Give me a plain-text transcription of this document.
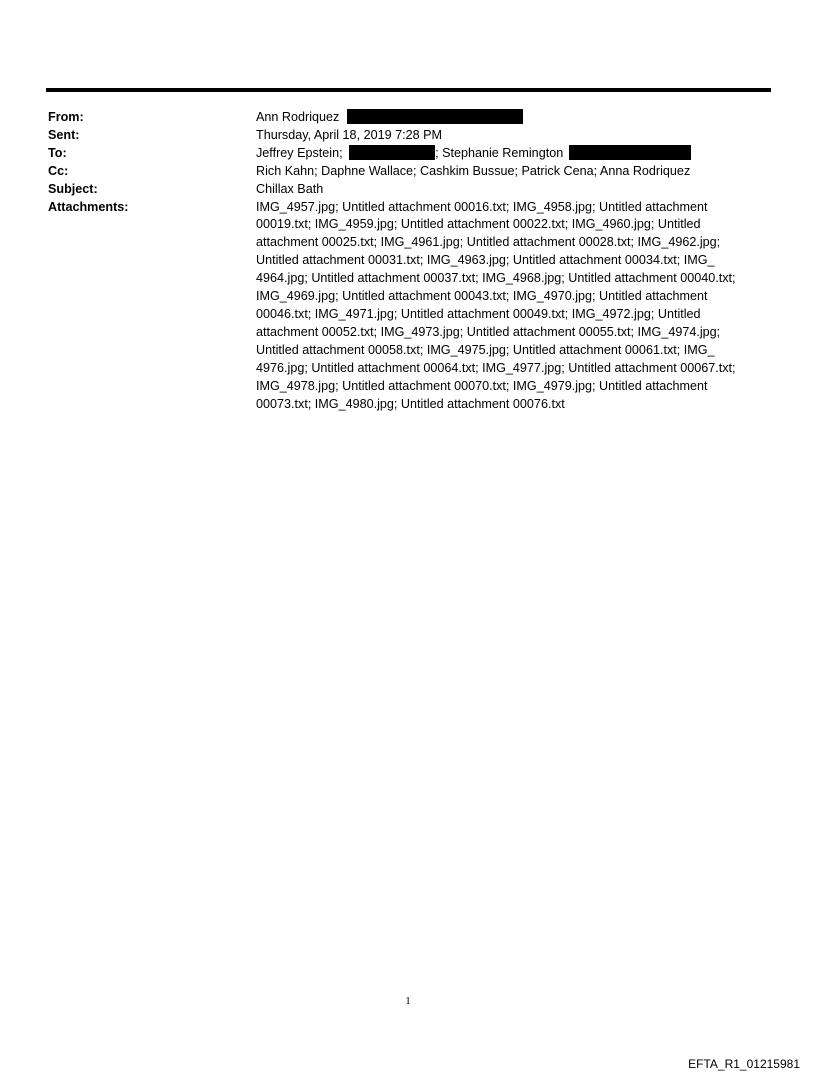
From:	Ann Rodriquez
Sent:	Thursday, April 18, 2019 7:28 PM
To:	Jeffrey Epstein;	; Stephanie Remington
Cc:	Rich Kahn; Daphne Wallace; Cashkim Bussue; Patrick Cena; Anna Rodriquez
Subject:	Chillax Bath
Attachments:	IMG_4957.jpg; Untitled attachment 00016.txt; IMG_4958.jpg; Untitled attachment
00019.txt; IMG_4959.jpg; Untitled attachment 00022.txt; IMG_4960.jpg; Untitled
attachment 00025.txt; IMG_4961.jpg; Untitled attachment 00028.txt; IMG_4962.jpg;
Untitled attachment 00031.txt; IMG_4963.jpg; Untitled attachment 00034.txt; IMG_
4964.jpg; Untitled attachment 00037.txt; IMG_4968.jpg; Untitled attachment 00040.txt;
IMG_4969.jpg; Untitled attachment 00043.txt; IMG_4970.jpg; Untitled attachment
00046.txt; IMG_4971.jpg; Untitled attachment 00049.txt; IMG_4972.jpg; Untitled
attachment 00052.txt; IMG_4973.jpg; Untitled attachment 00055.txt; IMG_4974.jpg;
Untitled attachment 00058.txt; IMG_4975.jpg; Untitled attachment 00061.txt; IMG_
4976.jpg; Untitled attachment 00064.txt; IMG_4977.jpg; Untitled attachment 00067.txt;
IMG_4978.jpg; Untitled attachment 00070.txt; IMG_4979.jpg; Untitled attachment
00073.txt; IMG_4980.jpg; Untitled attachment 00076.txt
1
EFTA_R1_01215981
